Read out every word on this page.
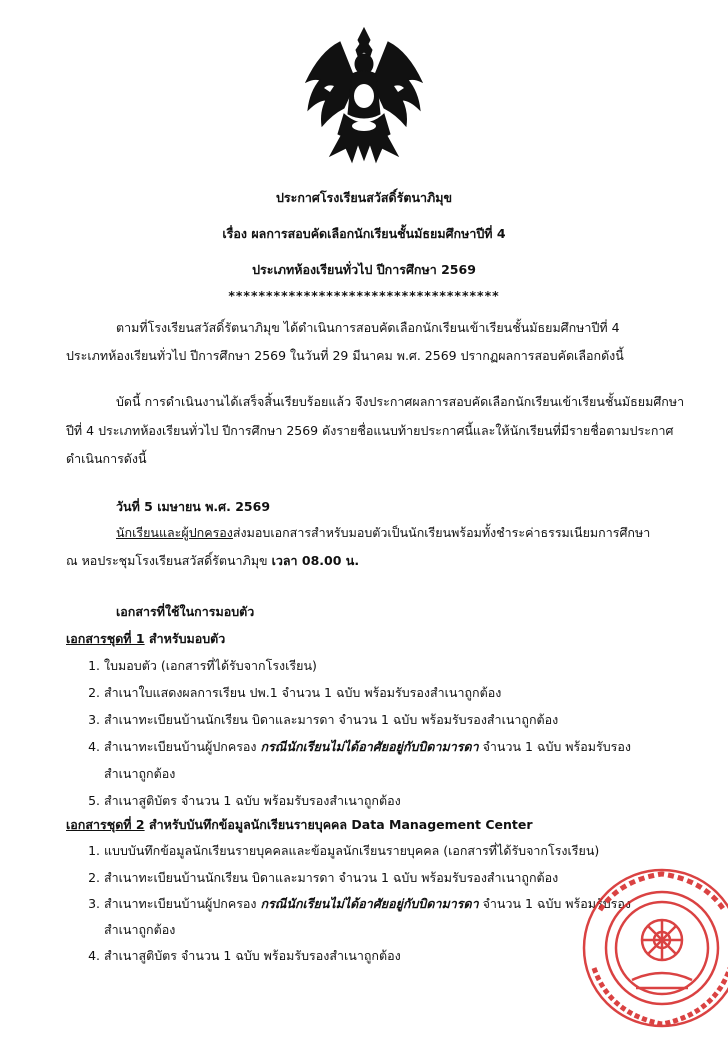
ประกาศโรงเรียนสวัสดิ์รัตนาภิมุข
เรื่อง ผลการสอบคัดเลือกนักเรียนชั้นมัธยมศึกษาปีที่ 4
ประเภทห้องเรียนทั่วไป ปีการศึกษา 2569
************************************
ตามที่โรงเรียนสวัสดิ์รัตนาภิมุข ได้ดำเนินการสอบคัดเลือกนักเรียนเข้าเรียนชั้นมัธยมศึกษาปีที่ 4
ประเภทห้องเรียนทั่วไป ปีการศึกษา 2569 ในวันที่ 29 มีนาคม พ.ศ. 2569 ปรากฏผลการสอบคัดเลือกดังนี้
บัดนี้ การดำเนินงานได้เสร็จสิ้นเรียบร้อยแล้ว จึงประกาศผลการสอบคัดเลือกนักเรียนเข้าเรียนชั้นมัธยมศึกษา
ปีที่ 4 ประเภทห้องเรียนทั่วไป ปีการศึกษา 2569 ดังรายชื่อแนบท้ายประกาศนี้และให้นักเรียนที่มีรายชื่อตามประกาศ
ดำเนินการดังนี้
วันที่ 5 เมษายน พ.ศ. 2569
นักเรียนและผู้ปกครองส่งมอบเอกสารสำหรับมอบตัวเป็นนักเรียนพร้อมทั้งชำระค่าธรรมเนียมการศึกษา
ณ หอประชุมโรงเรียนสวัสดิ์รัตนาภิมุข เวลา 08.00 น.
เอกสารที่ใช้ในการมอบตัว
เอกสารชุดที่ 1 สำหรับมอบตัว
1. ใบมอบตัว (เอกสารที่ได้รับจากโรงเรียน)
2. สำเนาใบแสดงผลการเรียน ปพ.1 จำนวน 1 ฉบับ พร้อมรับรองสำเนาถูกต้อง
3. สำเนาทะเบียนบ้านนักเรียน บิดาและมารดา จำนวน 1 ฉบับ พร้อมรับรองสำเนาถูกต้อง
4. สำเนาทะเบียนบ้านผู้ปกครอง กรณีนักเรียนไม่ได้อาศัยอยู่กับบิดามารดา จำนวน 1 ฉบับ พร้อมรับรอง
สำเนาถูกต้อง
5. สำเนาสูติบัตร จำนวน 1 ฉบับ พร้อมรับรองสำเนาถูกต้อง
เอกสารชุดที่ 2 สำหรับบันทึกข้อมูลนักเรียนรายบุคคล Data Management Center
1. แบบบันทึกข้อมูลนักเรียนรายบุคคลและข้อมูลนักเรียนรายบุคคล (เอกสารที่ได้รับจากโรงเรียน)
2. สำเนาทะเบียนบ้านนักเรียน บิดาและมารดา จำนวน 1 ฉบับ พร้อมรับรองสำเนาถูกต้อง
3. สำเนาทะเบียนบ้านผู้ปกครอง กรณีนักเรียนไม่ได้อาศัยอยู่กับบิดามารดา จำนวน 1 ฉบับ พร้อมรับรอง
สำเนาถูกต้อง
4. สำเนาสูติบัตร จำนวน 1 ฉบับ พร้อมรับรองสำเนาถูกต้อง
